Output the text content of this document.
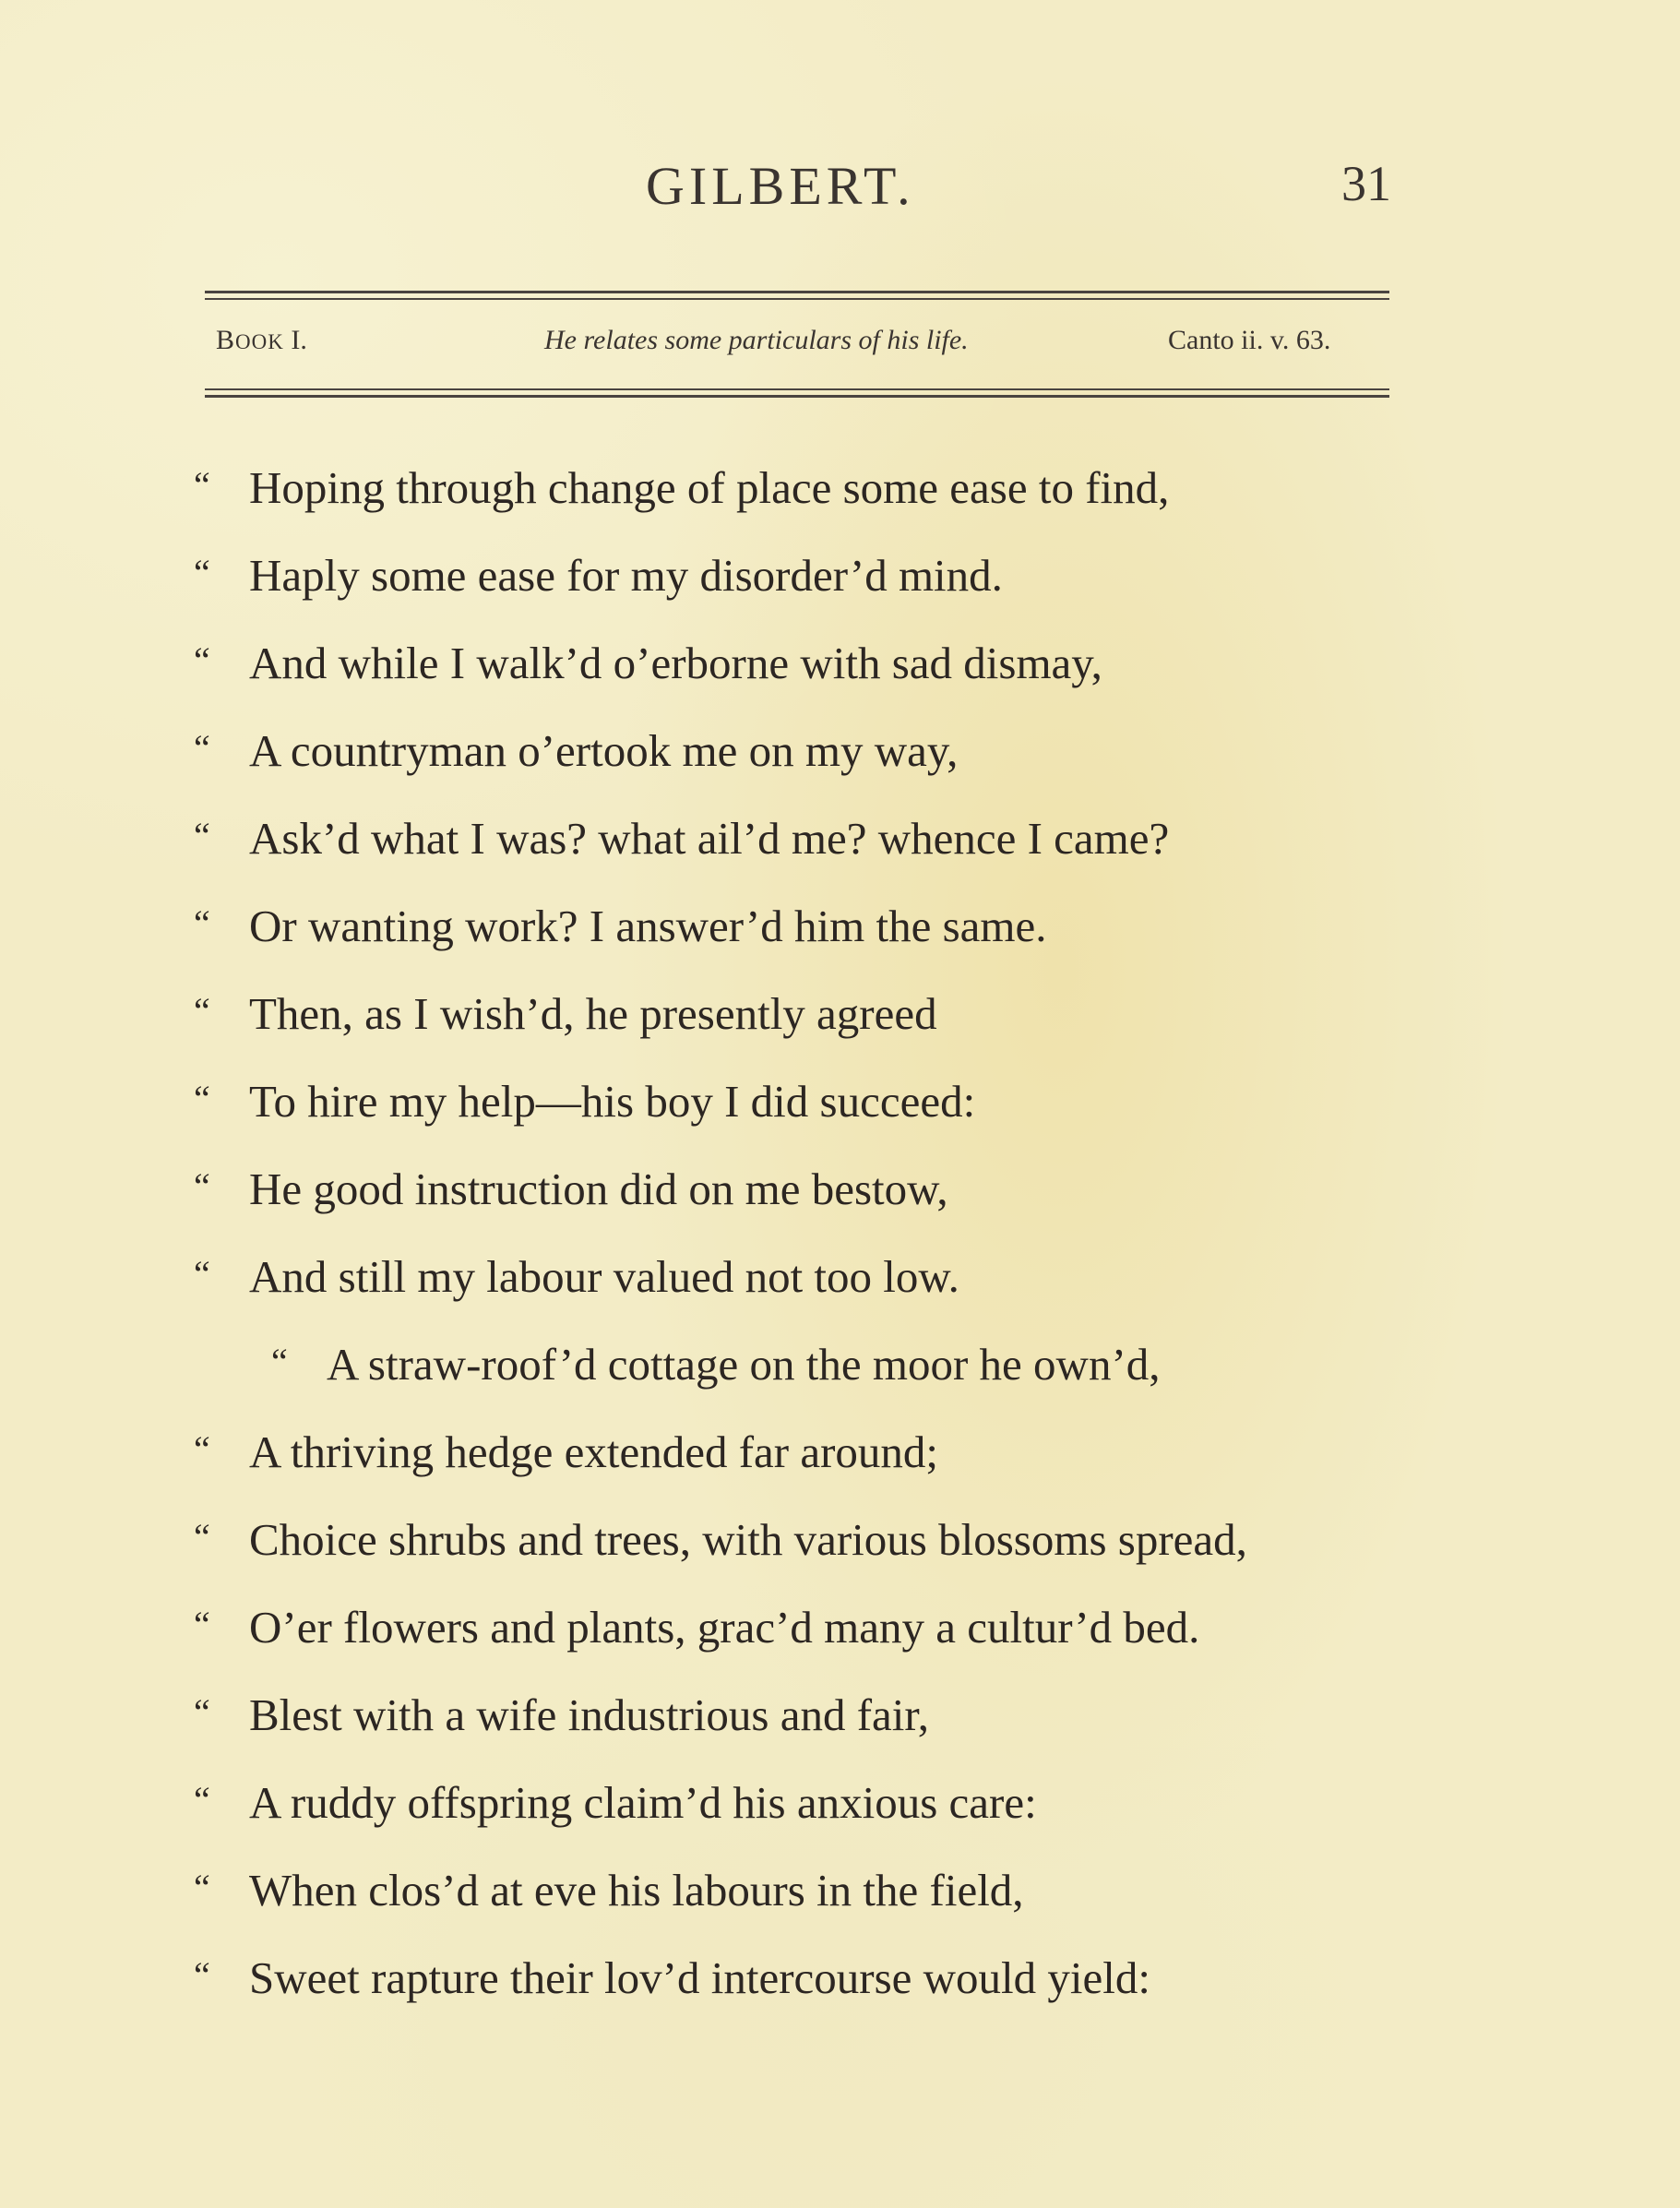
GILBERT.	31
BOOK I.	He relates some particulars of his life.	Canto ii. v. 63.
“ Hoping through change of place some ease to find,
“ Haply some ease for my disorder’d mind.
“ And while I walk’d o’erborne with sad dismay,
“ A countryman o’ertook me on my way,
“ Ask’d what I was? what ail’d me? whence I came?
“ Or wanting work? I answer’d him the same.
“ Then, as I wish’d, he presently agreed
“ To hire my help—his boy I did succeed:
“ He good instruction did on me bestow,
“ And still my labour valued not too low.
“ A straw-roof’d cottage on the moor he own’d,
“ A thriving hedge extended far around;
“ Choice shrubs and trees, with various blossoms spread,
“ O’er flowers and plants, grac’d many a cultur’d bed.
“ Blest with a wife industrious and fair,
“ A ruddy offspring claim’d his anxious care:
“ When clos’d at eve his labours in the field,
“ Sweet rapture their lov’d intercourse would yield:
